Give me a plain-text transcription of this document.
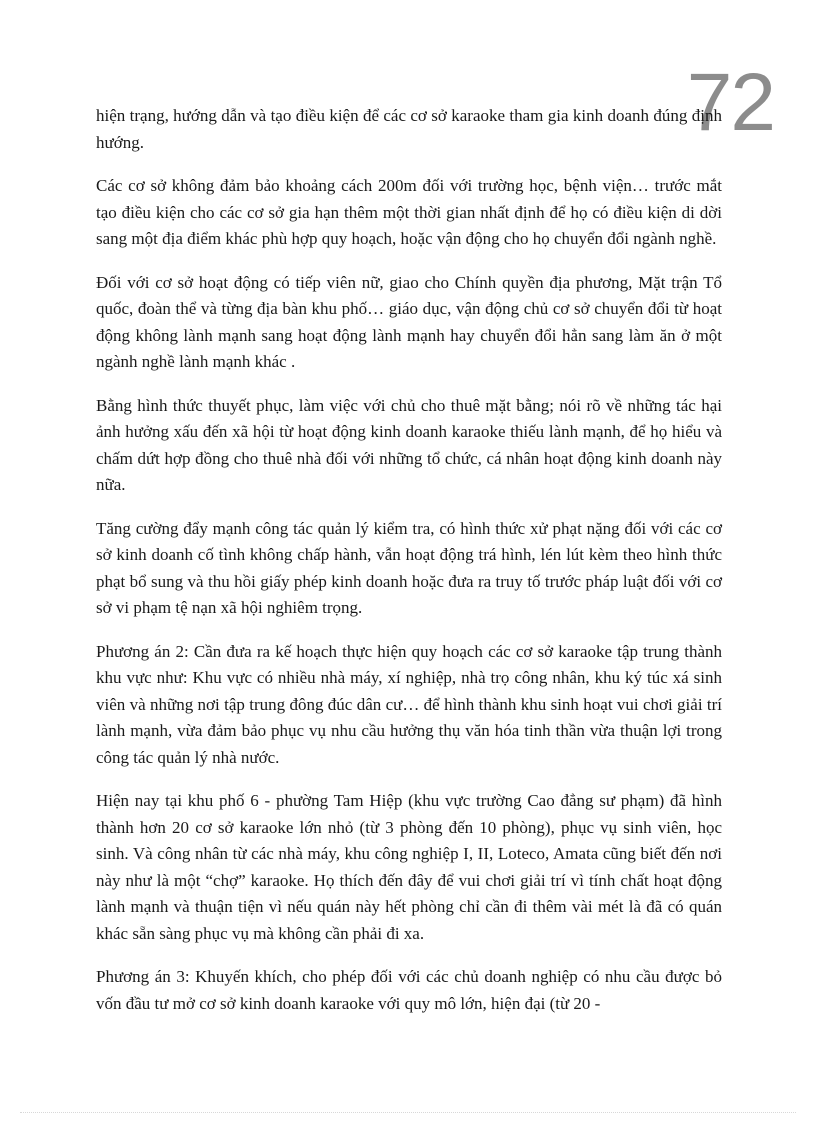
72

hiện trạng, hướng dẫn và tạo điều kiện để các cơ sở karaoke tham gia kinh doanh đúng định hướng.

Các cơ sở không đảm bảo khoảng cách 200m đối với trường học, bệnh viện… trước mắt tạo điều kiện cho các cơ sở gia hạn thêm một thời gian nhất định để họ có điều kiện di dời sang một địa điểm khác phù hợp quy hoạch, hoặc vận động cho họ chuyển đổi ngành nghề.

Đối với cơ sở hoạt động có tiếp viên nữ, giao cho Chính quyền địa phương, Mặt trận Tổ quốc, đoàn thể và từng địa bàn khu phố… giáo dục, vận động chủ cơ sở chuyển đổi từ hoạt động không lành mạnh sang hoạt động lành mạnh hay chuyển đổi hẳn sang làm ăn ở một ngành nghề lành mạnh khác .

Bằng hình thức thuyết phục, làm việc với chủ cho thuê mặt bằng; nói rõ về những tác hại ảnh hưởng xấu đến xã hội từ hoạt động kinh doanh karaoke thiếu lành mạnh, để họ hiểu và chấm dứt hợp đồng cho thuê nhà đối với những tổ chức, cá nhân hoạt động kinh doanh này nữa.

Tăng cường đẩy mạnh công tác quản lý kiểm tra, có hình thức xử phạt nặng đối với các cơ sở kinh doanh cố tình không chấp hành, vẫn hoạt động trá hình, lén lút kèm theo hình thức phạt bổ sung và thu hồi giấy phép kinh doanh hoặc đưa ra truy tố trước pháp luật đối với cơ sở vi phạm tệ nạn xã hội nghiêm trọng.

Phương án 2: Cần đưa ra kế hoạch thực hiện quy hoạch các cơ sở karaoke tập trung thành khu vực như: Khu vực có nhiều nhà máy, xí nghiệp, nhà trọ công nhân, khu ký túc xá sinh viên và những nơi tập trung đông đúc dân cư… để hình thành khu sinh hoạt vui chơi giải trí lành mạnh, vừa đảm bảo phục vụ nhu cầu hưởng thụ văn hóa tinh thần vừa thuận lợi trong công tác quản lý nhà nước.

Hiện nay tại khu phố 6 - phường Tam Hiệp (khu vực trường Cao đẳng sư phạm) đã hình thành hơn 20 cơ sở karaoke lớn nhỏ (từ 3 phòng đến 10 phòng), phục vụ sinh viên, học sinh. Và công nhân từ các nhà máy, khu công nghiệp I, II, Loteco, Amata cũng biết đến nơi này như là một “chợ” karaoke. Họ thích đến đây để vui chơi giải trí vì tính chất hoạt động lành mạnh và thuận tiện vì nếu quán này hết phòng chỉ cần đi thêm vài mét là đã có quán khác sẵn sàng phục vụ mà không cần phải đi xa.

Phương án 3: Khuyến khích, cho phép đối với các chủ doanh nghiệp có nhu cầu được bỏ vốn đầu tư mở cơ sở kinh doanh karaoke với quy mô lớn, hiện đại (từ 20 -
